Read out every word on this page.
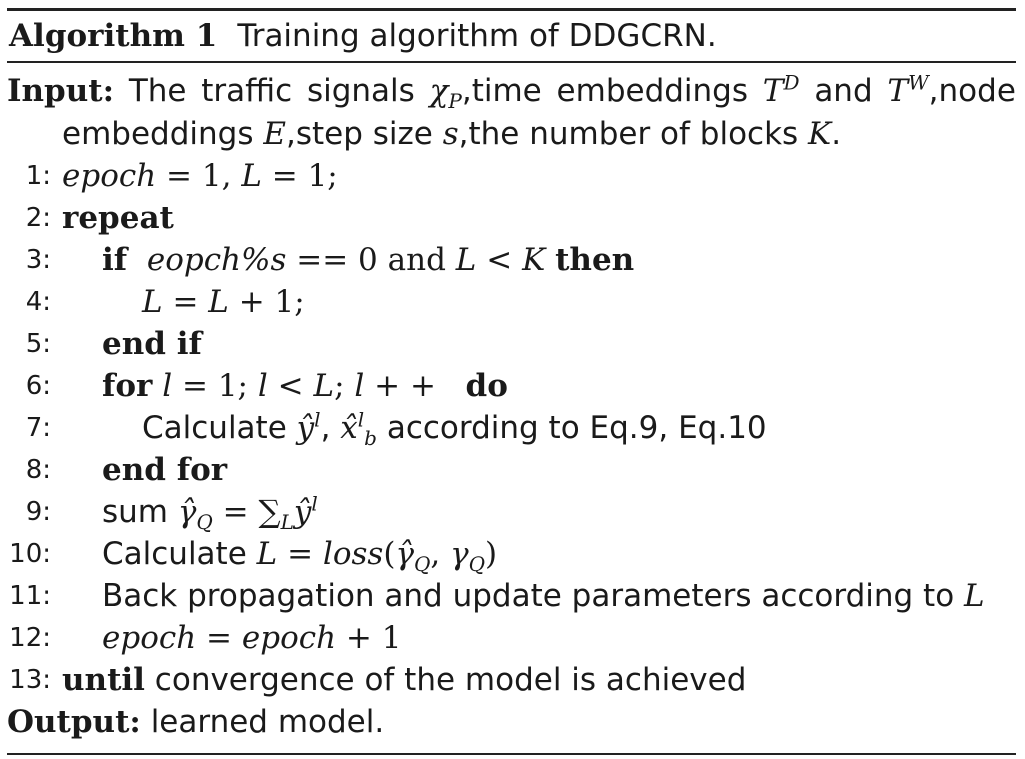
Algorithm 1 Training algorithm of DDGCRN.
Input: The traffic signals $\chi_P,time$ embeddings $T^D$ and $T^W,node$
embeddings E,step size s,the number of blocks K.
1: epoch = 1, L = 1;
2: repeat
3: if eopch%s == 0 and L < K then
4:	L = L + 1;
5: end if
6: for l = 1; l < L; l + + do
7:	Calculate $ŷ^l$, x̂$^l_b$ according to Eq.9, Eq.10
8: end for
9: sum $\gammâ_Q$ = $\sum_Lŷ^l$
10: Calculate $L = loss(\gammâ_Q$, $\gamma_Q$)
11: Back propagation and update parameters according to L
12: epoch = epoch + 1
13: until convergence of the model is achieved
Output: learned model.
